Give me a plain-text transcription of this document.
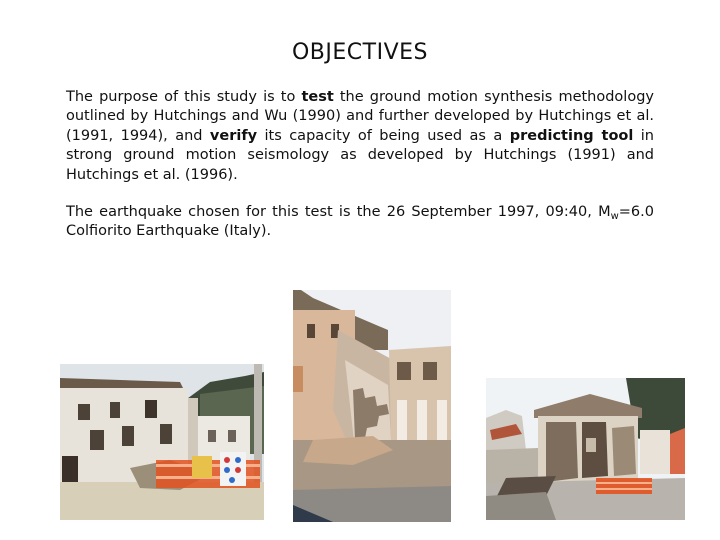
OBJECTIVES
The purpose of this study is to test the ground motion synthesis methodology outlined by Hutchings and Wu (1990) and further developed by Hutchings et al. (1991, 1994), and verify its capacity of being used as a predicting tool in strong ground motion seismology as developed by Hutchings (1991) and Hutchings et al. (1996).
The earthquake chosen for this test is the 26 September 1997, 09:40, $M_w=6.0$ Colfiorito Earthquake (Italy).
